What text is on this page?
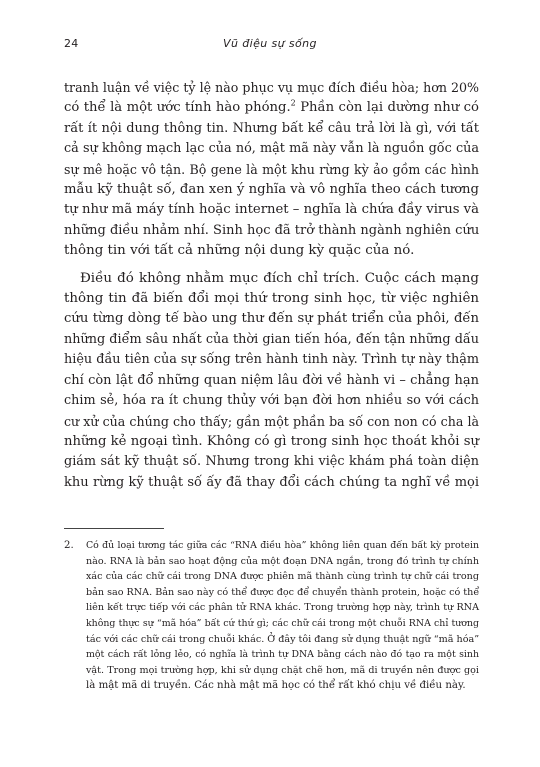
24	Vũ điệu sự sống
tranh luận về việc tỷ lệ nào phục vụ mục đích điều hòa; hơn 20%
có thể là một ước tính hào phóng.$^2$ Phần còn lại dường như có
rất ít nội dung thông tin. Nhưng bất kể câu trả lời là gì, với tất
cả sự không mạch lạc của nó, mật mã này vẫn là nguồn gốc của
sự mê hoặc vô tận. Bộ gene là một khu rừng kỳ ảo gồm các hình
mẫu kỹ thuật số, đan xen ý nghĩa và vô nghĩa theo cách tương
tự như mã máy tính hoặc internet – nghĩa là chứa đầy virus và
những điều nhảm nhí. Sinh học đã trở thành ngành nghiên cứu
thông tin với tất cả những nội dung kỳ quặc của nó.
Điều đó không nhằm mục đích chỉ trích. Cuộc cách mạng
thông tin đã biến đổi mọi thứ trong sinh học, từ việc nghiên
cứu từng dòng tế bào ung thư đến sự phát triển của phôi, đến
những điểm sâu nhất của thời gian tiến hóa, đến tận những dấu
hiệu đầu tiên của sự sống trên hành tinh này. Trình tự này thậm
chí còn lật đổ những quan niệm lâu đời về hành vi – chẳng hạn
chim sẻ, hóa ra ít chung thủy với bạn đời hơn nhiều so với cách
cư xử của chúng cho thấy; gần một phần ba số con non có cha là
những kẻ ngoại tình. Không có gì trong sinh học thoát khỏi sự
giám sát kỹ thuật số. Nhưng trong khi việc khám phá toàn diện
khu rừng kỹ thuật số ấy đã thay đổi cách chúng ta nghĩ về mọi
2. Có đủ loại tương tác giữa các “RNA điều hòa” không liên quan đến bất kỳ protein
nào. RNA là bản sao hoạt động của một đoạn DNA ngắn, trong đó trình tự chính
xác của các chữ cái trong DNA được phiên mã thành cùng trình tự chữ cái trong
bản sao RNA. Bản sao này có thể được đọc để chuyển thành protein, hoặc có thể
liên kết trực tiếp với các phân tử RNA khác. Trong trường hợp này, trình tự RNA
không thực sự “mã hóa” bất cứ thứ gì; các chữ cái trong một chuỗi RNA chỉ tương
tác với các chữ cái trong chuỗi khác. Ở đây tôi đang sử dụng thuật ngữ “mã hóa”
một cách rất lỏng lẻo, có nghĩa là trình tự DNA bằng cách nào đó tạo ra một sinh
vật. Trong mọi trường hợp, khi sử dụng chặt chẽ hơn, mã di truyền nên được gọi
là mật mã di truyền. Các nhà mật mã học có thể rất khó chịu về điều này.
